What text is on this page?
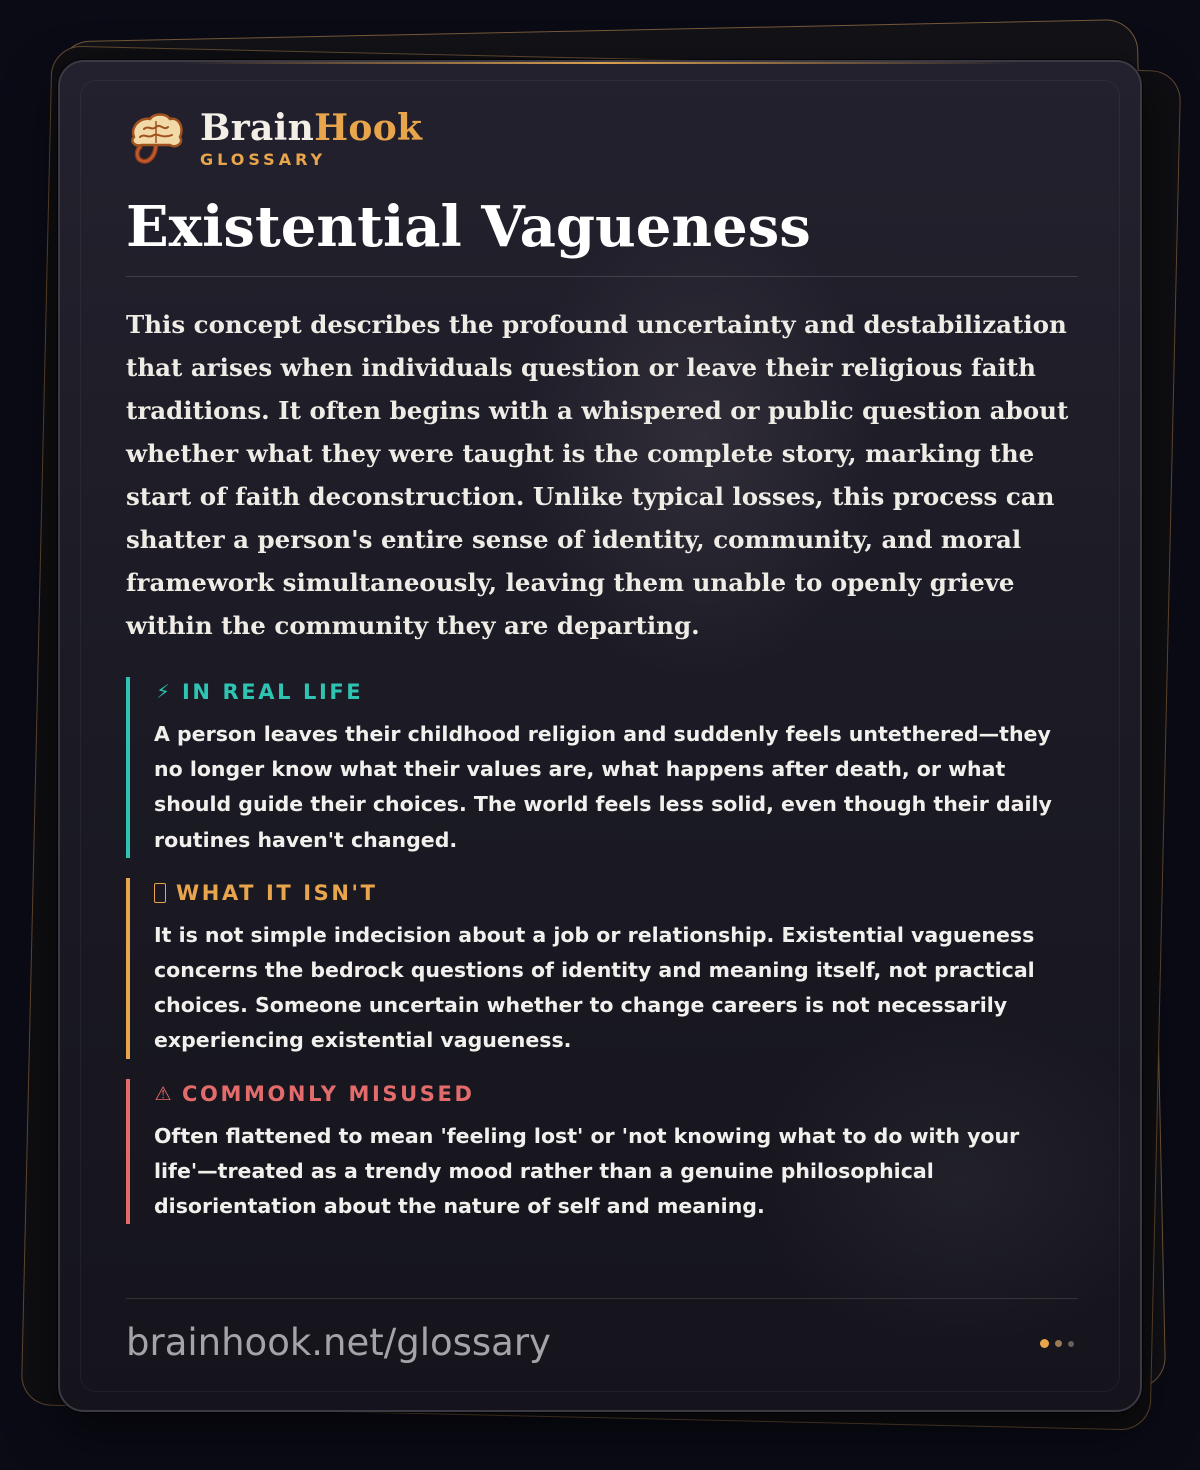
BrainHook
GLOSSARY
Existential Vagueness

This concept describes the profound uncertainty and destabilization that arises when individuals question or leave their religious faith traditions. It often begins with a whispered or public question about whether what they were taught is the complete story, marking the start of faith deconstruction. Unlike typical losses, this process can shatter a person's entire sense of identity, community, and moral framework simultaneously, leaving them unable to openly grieve within the community they are departing.

⚡ IN REAL LIFE

A person leaves their childhood religion and suddenly feels untethered—they no longer know what their values are, what happens after death, or what should guide their choices. The world feels less solid, even though their daily routines haven't changed.

WHAT IT ISN'T

It is not simple indecision about a job or relationship. Existential vagueness concerns the bedrock questions of identity and meaning itself, not practical choices. Someone uncertain whether to change careers is not necessarily experiencing existential vagueness.

⚠ COMMONLY MISUSED

Often flattened to mean 'feeling lost' or 'not knowing what to do with your life'—treated as a trendy mood rather than a genuine philosophical disorientation about the nature of self and meaning.

brainhook.net/glossary
